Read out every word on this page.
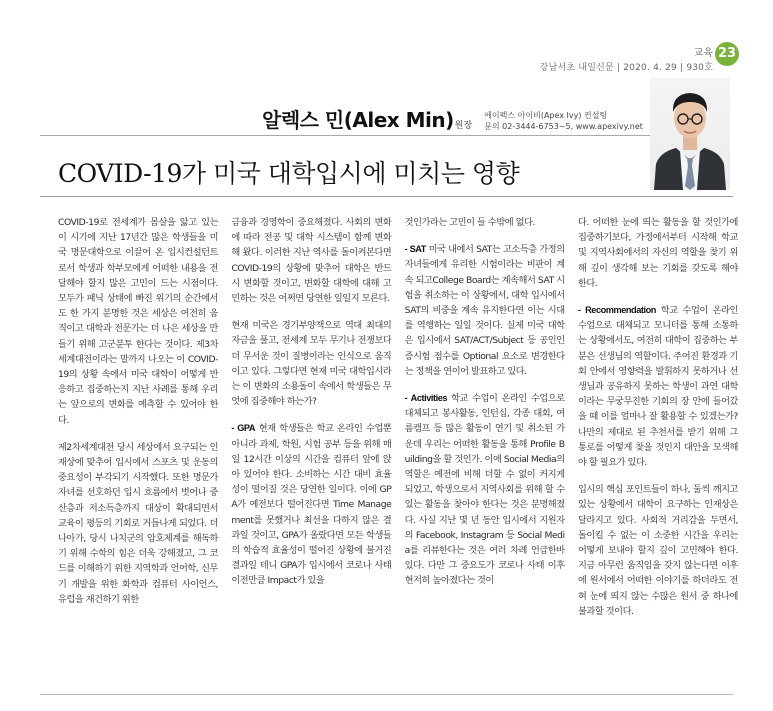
교육
강남서초 내일신문 | 2020. 4. 29 | 930호
23
알렉스 민(Alex Min) 원장
에이펙스 아이비(Apex Ivy) 컨설팅
문의 02-3444-6753~5, www.apexivy.net
COVID-19가 미국 대학입시에 미치는 영향

COVID-19로 전세계가 몸살을 앓고 있는 이 시기에 지난 17년간 많은 학생들을 미국 명문대학으로 이끌어 온 입시컨설턴트로서 학생과 학부모에게 어떠한 내용을 전달해야 할지 많은 고민이 드는 시점이다. 모두가 패닉 상태에 빠진 위기의 순간에서도 한 가지 분명한 것은 세상은 여전히 움직이고 대학과 전문가는 더 나은 세상을 만들기 위해 고군분투 한다는 것이다. 제3차 세계대전이라는 말까지 나오는 이 COVID-19의 상황 속에서 미국 대학이 어떻게 반응하고 집중하는지 지난 사례를 통해 우리는 앞으로의 변화를 예측할 수 있어야 한다.

제2차세계대전 당시 세상에서 요구되는 인재상에 맞추어 입시에서 스포츠 및 운동의 중요성이 부각되기 시작했다. 또한 명문가 자녀를 선호하던 입시 흐름에서 벗어나 중산층과 저소득층까지 대상이 확대되면서 교육이 평등의 기회로 거듭나게 되었다. 더 나아가, 당시 나치군의 암호체계를 해독하기 위해 수학의 힘은 더욱 강해졌고, 그 코드를 이해하기 위한 지역학과 언어학, 신무기 개발을 위한 화학과 컴퓨터 사이언스, 유럽을 재건하기 위한

금융과 경영학이 중요해졌다. 사회의 변화에 따라 전공 및 대학 시스템이 함께 변화해 왔다. 이러한 지난 역사를 돌이켜본다면 COVID-19의 상황에 맞추어 대학은 반드시 변화할 것이고, 변화할 대학에 대해 고민하는 것은 어쩌면 당연한 일일지 모른다.

현재 미국은 경기부양책으로 역대 최대의 자금을 풀고, 전세계 모두 무기나 전쟁보다 더 무서운 것이 질병이라는 인식으로 움직이고 있다. 그렇다면 현재 미국 대학입시라는 이 변화의 소용돌이 속에서 학생들은 무엇에 집중해야 하는가?

- GPA 현재 학생들은 학교 온라인 수업뿐 아니라 과제, 학원, 시험 공부 등을 위해 매일 12시간 이상의 시간을 컴퓨터 앞에 앉아 있어야 한다. 소비하는 시간 대비 효율성이 떨어질 것은 당연한 일이다. 이에 GPA가 예전보다 떨어진다면 Time Management를 못했거나 최선을 다하지 않은 결과일 것이고, GPA가 올랐다면 모든 학생들의 학습적 효율성이 떨어진 상황에 불거진 결과일 테니 GPA가 입시에서 코로나 사태 이전만큼 Impact가 있을

것인가라는 고민이 들 수밖에 없다.

- SAT 미국 내에서 SAT는 고소득층 가정의 자녀들에게 유리한 시험이라는 비판이 계속 되고College Board는 계속해서 SAT 시험을 취소하는 이 상황에서, 대학 입시에서 SAT의 비중을 계속 유지한다면 이는 시대를 역행하는 일일 것이다. 실제 미국 대학은 입시에서 SAT/ACT/Subject 등 공인인증시험 점수를 Optional 요소로 변경한다는 정책을 연이어 발표하고 있다.

- Activities 학교 수업이 온라인 수업으로 대체되고 봉사활동, 인턴십, 각종 대회, 여름캠프 등 많은 활동이 연기 및 취소된 가운데 우리는 어떠한 활동을 통해 Profile Building을 할 것인가. 이에 Social Media의 역할은 예전에 비해 더할 수 없이 커지게 되었고, 학생으로서 지역사회를 위해 할 수 있는 활동을 찾아야 한다는 것은 분명해졌다. 사실 지난 몇 년 동안 입시에서 지원자의 Facebook, Instagram 등 Social Media를 리뷰한다는 것은 여러 차례 언급한바 있다. 다만 그 중요도가 코로나 사태 이후 현저히 높아졌다는 것이

다. 어떠한 눈에 띄는 활동을 할 것인가에 집중하기보다, 가정에서부터 시작해 학교 및 지역사회에서의 자신의 역할을 찾기 위해 깊이 생각해 보는 기회를 갖도록 해야 한다.

- Recommendation 학교 수업이 온라인 수업으로 대체되고 모니터를 통해 소통하는 상황에서도, 여전히 대학이 집중하는 부분은 선생님의 역할이다. 주어진 환경과 기회 안에서 영향력을 발휘하지 못하거나 선생님과 공유하지 못하는 학생이 과연 대학이라는 무궁무진한 기회의 장 안에 들어갔을 때 이를 얼마나 잘 활용할 수 있겠는가? 나만의 제대로 된 추천서를 받기 위해 그 통로를 어떻게 찾을 것인지 대안을 모색해야 할 필요가 있다.

입시의 핵심 포인트들이 하나, 둘씩 깨지고 있는 상황에서 대학이 요구하는 인재상은 달라지고 있다. 사회적 거리감을 두면서, 돌이킬 수 없는 이 소중한 시간을 우리는 어떻게 보내야 할지 깊이 고민해야 한다. 지금 아무런 움직임을 갖지 않는다면 이후에 원서에서 어떠한 이야기를 하더라도 전혀 눈에 띄지 않는 수많은 원서 중 하나에 불과할 것이다.
